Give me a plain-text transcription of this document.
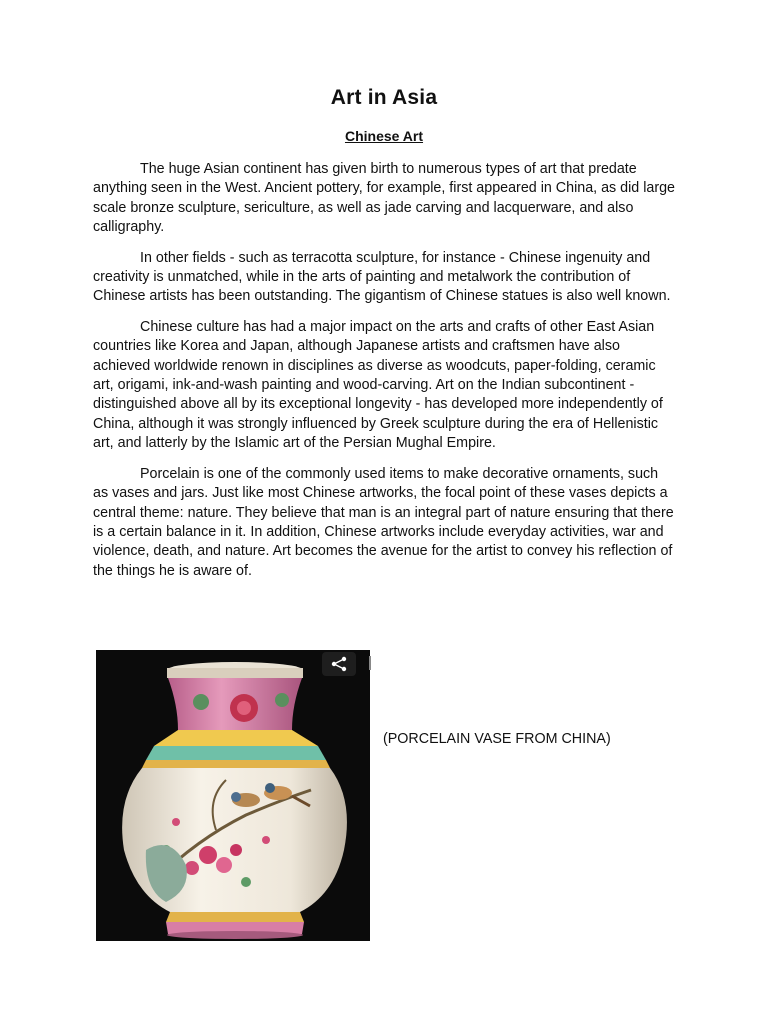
Art in Asia
Chinese Art

The huge Asian continent has given birth to numerous types of art that predate anything seen in the West. Ancient pottery, for example, first appeared in China, as did large scale bronze sculpture, sericulture, as well as jade carving and lacquerware, and also calligraphy.

In other fields - such as terracotta sculpture, for instance - Chinese ingenuity and creativity is unmatched, while in the arts of painting and metalwork the contribution of Chinese artists has been outstanding. The gigantism of Chinese statues is also well known.

Chinese culture has had a major impact on the arts and crafts of other East Asian countries like Korea and Japan, although Japanese artists and craftsmen have also achieved worldwide renown in disciplines as diverse as woodcuts, paper-folding, ceramic art, origami, ink-and-wash painting and wood-carving. Art on the Indian subcontinent - distinguished above all by its exceptional longevity - has developed more independently of China, although it was strongly influenced by Greek sculpture during the era of Hellenistic art, and latterly by the Islamic art of the Persian Mughal Empire.

Porcelain is one of the commonly used items to make decorative ornaments, such as vases and jars. Just like most Chinese artworks, the focal point of these vases depicts a central theme: nature. They believe that man is an integral part of nature ensuring that there is a certain balance in it. In addition, Chinese artworks include everyday activities, war and violence, death, and nature. Art becomes the avenue for the artist to convey his reflection of the things he is aware of.

(PORCELAIN VASE FROM CHINA)
